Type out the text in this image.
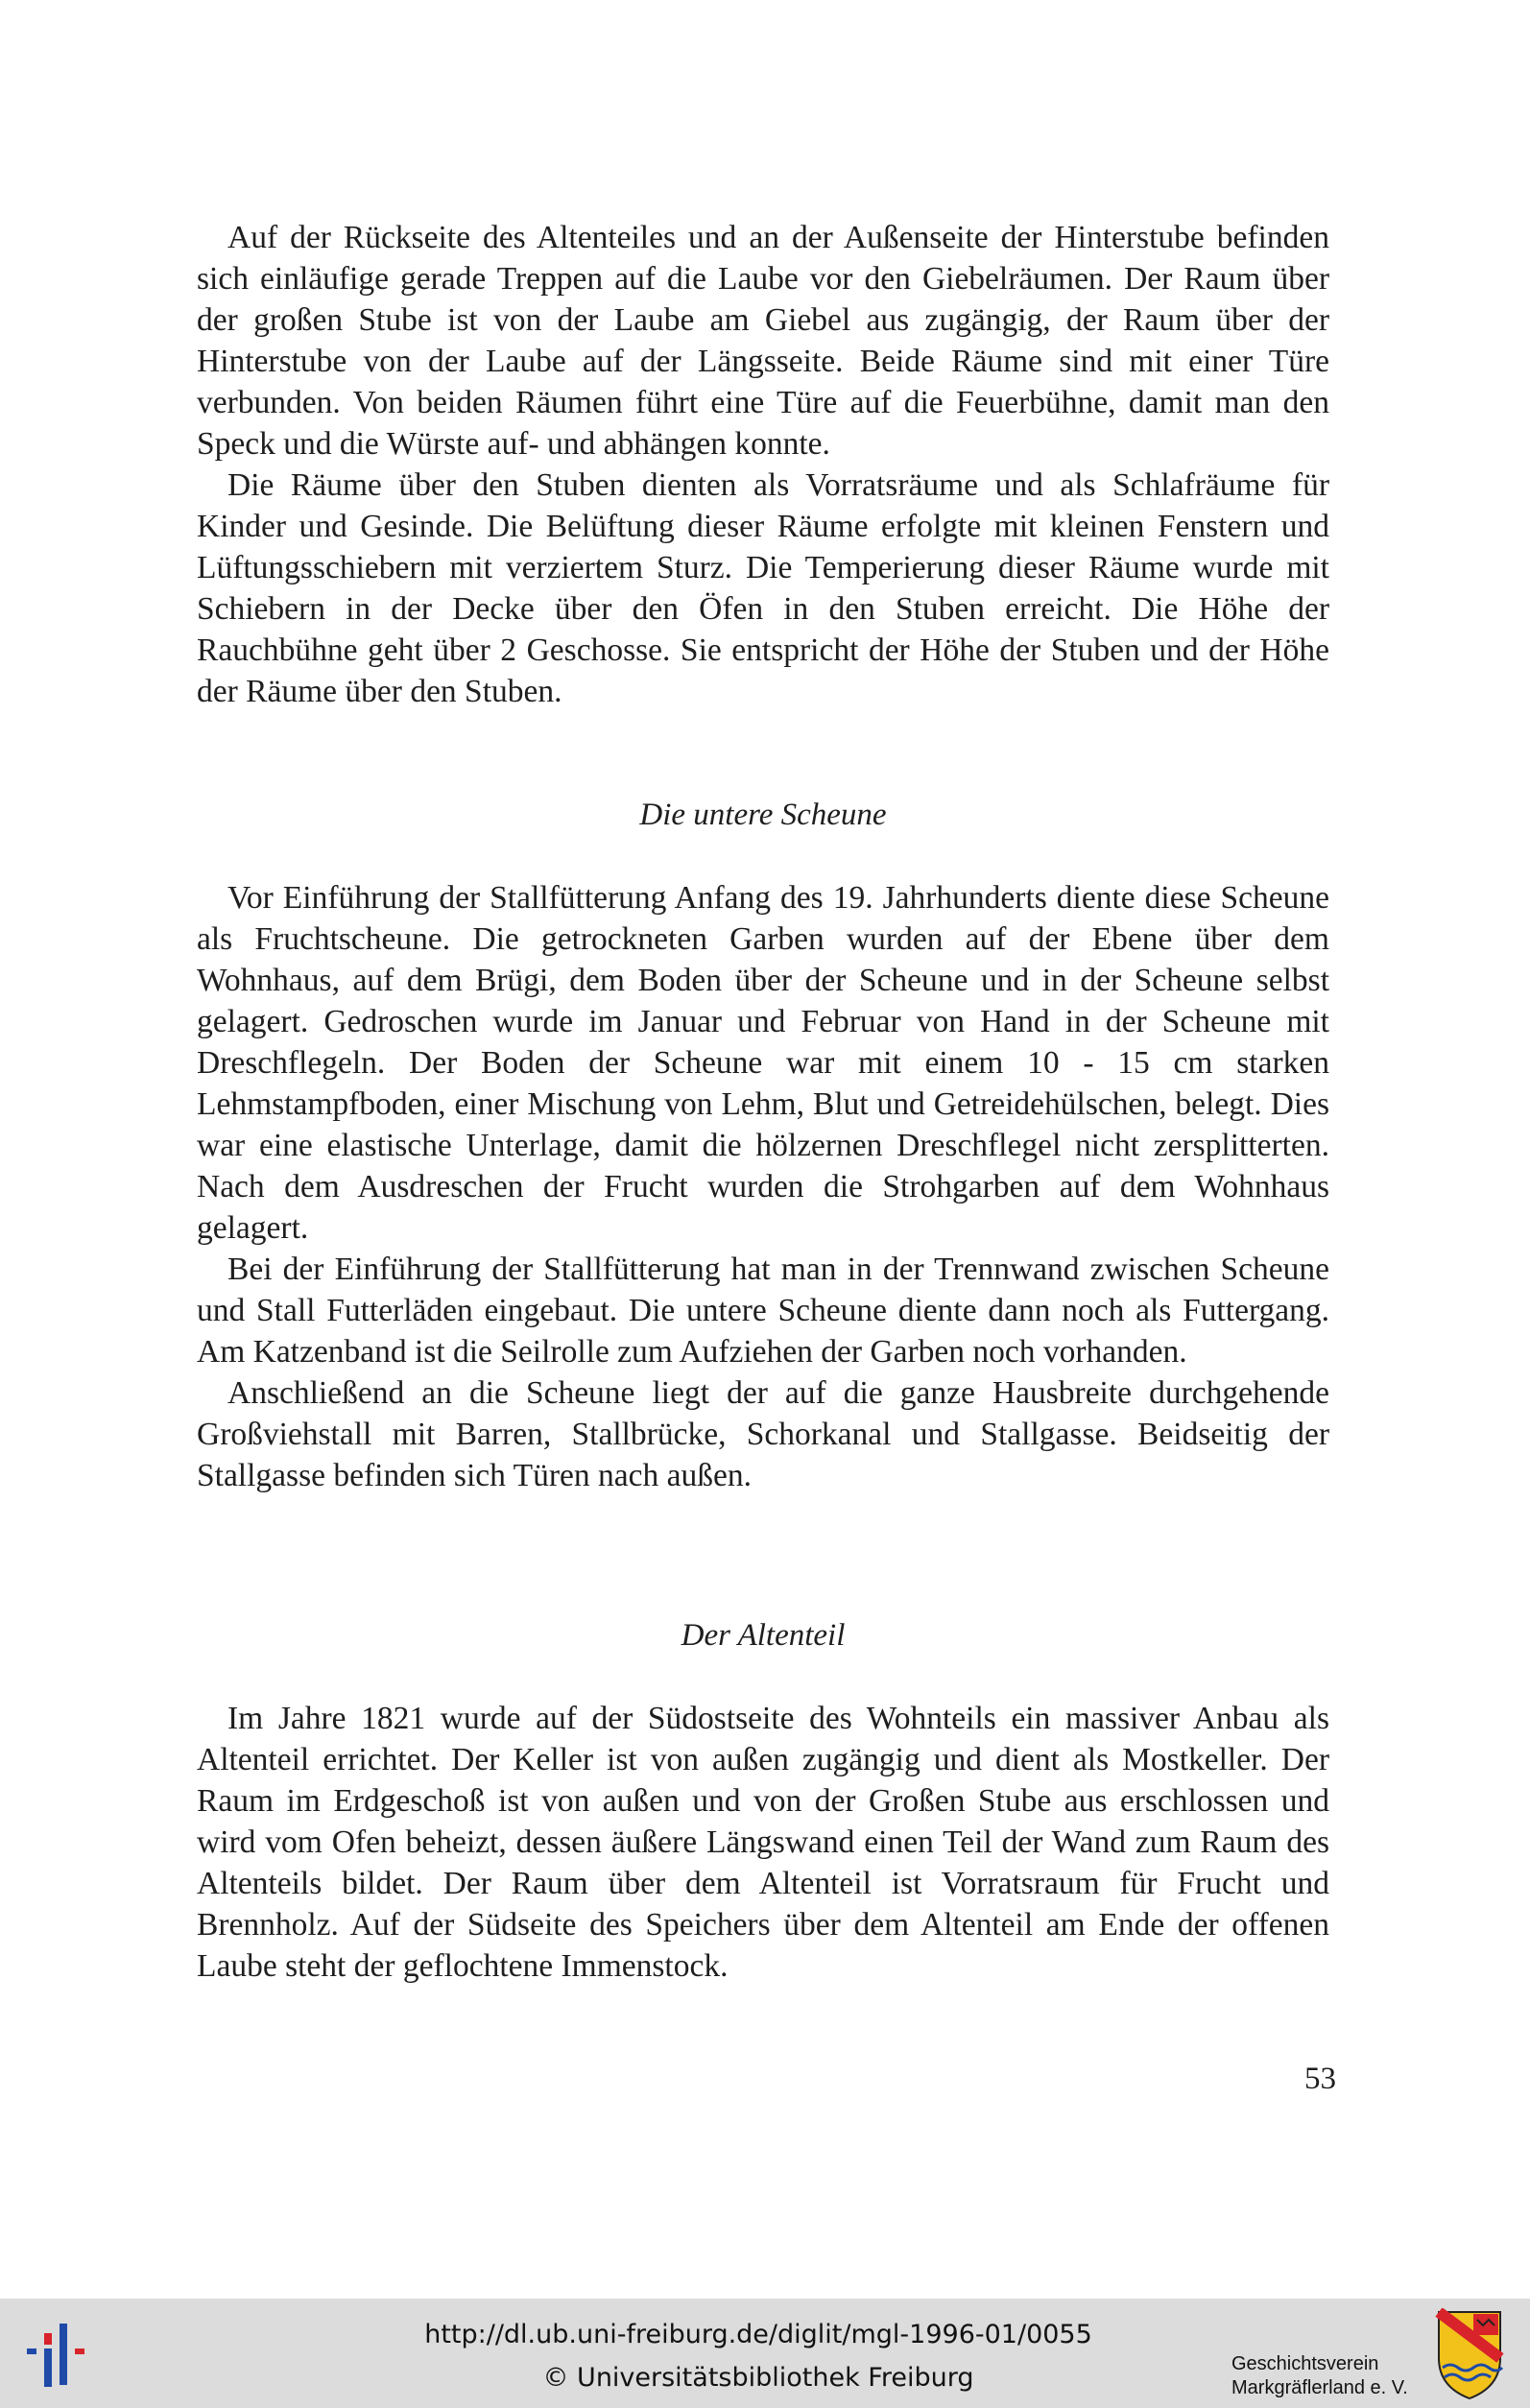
Auf der Rückseite des Altenteiles und an der Außenseite der Hinterstube befinden sich einläufige gerade Treppen auf die Laube vor den Giebelräumen. Der Raum über der großen Stube ist von der Laube am Giebel aus zugängig, der Raum über der Hinterstube von der Laube auf der Längsseite. Beide Räume sind mit einer Türe verbunden. Von beiden Räumen führt eine Türe auf die Feuerbühne, damit man den Speck und die Würste auf- und abhängen konnte.

Die Räume über den Stuben dienten als Vorratsräume und als Schlafräume für Kinder und Gesinde. Die Belüftung dieser Räume erfolgte mit kleinen Fenstern und Lüftungsschiebern mit verziertem Sturz. Die Temperierung dieser Räume wurde mit Schiebern in der Decke über den Öfen in den Stuben erreicht. Die Höhe der Rauchbühne geht über 2 Geschosse. Sie entspricht der Höhe der Stuben und der Höhe der Räume über den Stuben.

Die untere Scheune

Vor Einführung der Stallfütterung Anfang des 19. Jahrhunderts diente diese Scheune als Fruchtscheune. Die getrockneten Garben wurden auf der Ebene über dem Wohnhaus, auf dem Brügi, dem Boden über der Scheune und in der Scheune selbst gelagert. Gedroschen wurde im Januar und Februar von Hand in der Scheune mit Dreschflegeln. Der Boden der Scheune war mit einem 10 - 15 cm starken Lehmstampfboden, einer Mischung von Lehm, Blut und Getreidehülschen, belegt. Dies war eine elastische Unterlage, damit die hölzernen Dreschflegel nicht zersplitterten. Nach dem Ausdreschen der Frucht wurden die Strohgarben auf dem Wohnhaus gelagert.

Bei der Einführung der Stallfütterung hat man in der Trennwand zwischen Scheune und Stall Futterläden eingebaut. Die untere Scheune diente dann noch als Futtergang. Am Katzenband ist die Seilrolle zum Aufziehen der Garben noch vorhanden.

Anschließend an die Scheune liegt der auf die ganze Hausbreite durchgehende Großviehstall mit Barren, Stallbrücke, Schorkanal und Stallgasse. Beidseitig der Stallgasse befinden sich Türen nach außen.

Der Altenteil

Im Jahre 1821 wurde auf der Südostseite des Wohnteils ein massiver Anbau als Altenteil errichtet. Der Keller ist von außen zugängig und dient als Mostkeller. Der Raum im Erdgeschoß ist von außen und von der Großen Stube aus erschlossen und wird vom Ofen beheizt, dessen äußere Längswand einen Teil der Wand zum Raum des Altenteils bildet. Der Raum über dem Altenteil ist Vorratsraum für Frucht und Brennholz. Auf der Südseite des Speichers über dem Altenteil am Ende der offenen Laube steht der geflochtene Immenstock.

53
http://dl.ub.uni-freiburg.de/diglit/mgl-1996-01/0055
© Universitätsbibliothek Freiburg	Geschichtsverein
Markgräflerland e. V.
